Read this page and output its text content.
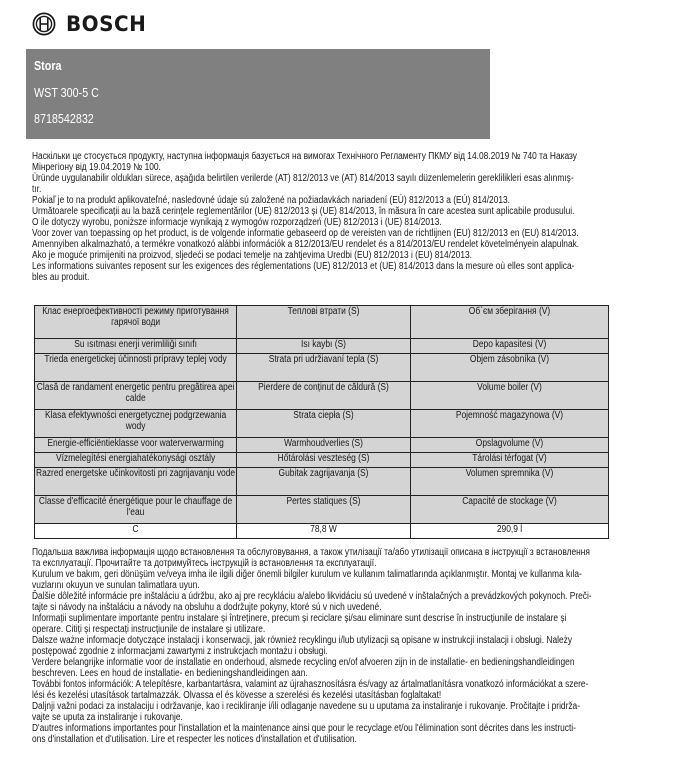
BOSCH
Stora
WST 300-5 C
8718542832

Наскільки це стосується продукту, наступна інформація базується на вимогах Технічного Регламенту ПКМУ від 14.08.2019 № 740 та Наказу

Мінрегіону від 19.04.2019 № 100.

Üründe uygulanabilir oldukları sürece, aşağıda belirtilen verilerde (AT) 812/2013 ve (AT) 814/2013 sayılı düzenlemelerin gereklilikleri esas alınmış-

tır.

Pokiaľ je to na produkt aplikovateľné, nasledovné údaje sú založené na požiadavkách nariadení (EÚ) 812/2013 a (EÚ) 814/2013.

Următoarele specificații au la bază cerințele reglementărilor (UE) 812/2013 și (UE) 814/2013, în măsura în care acestea sunt aplicabile produsului.

O ile dotyczy wyrobu, poniższe informacje wynikają z wymogów rozporządzeń (UE) 812/2013 i (UE) 814/2013.

Voor zover van toepassing op het product, is de volgende informatie gebaseerd op de vereisten van de richtlijnen (EU) 812/2013 en (EU) 814/2013.

Amennyiben alkalmazható, a termékre vonatkozó alábbi információk a 812/2013/EU rendelet és a 814/2013/EU rendelet követelményein alapulnak.

Ako je moguće primijeniti na proizvod, sljedeći se podaci temelje na zahtjevima Uredbi (EU) 812/2013 i (EU) 814/2013.

Les informations suivantes reposent sur les exigences des réglementations (UE) 812/2013 et (UE) 814/2013 dans la mesure où elles sont applica-

bles au produit.

Клас енергоефективності режиму приготування гарячої води	Теплові втрати (S)	Об`єм зберігання (V)

Su ısıtması enerji verimliliği sınıfı	Isı kaybı (S)	Depo kapasitesi (V)

Trieda energetickej účinnosti prípravy teplej vody	Strata pri udržiavaní tepla (S)	Objem zásobníka (V)

Clasă de randament energetic pentru pregătirea apei calde	Pierdere de conținut de căldură (S)	Volume boiler (V)

Klasa efektywności energetycznej podgrzewania wody	Strata ciepła (S)	Pojemność magazynowa (V)

Energie-efficiëntieklasse voor waterverwarming	Warmhoudverlies (S)	Opslagvolume (V)

Vízmelegítési energiahatékonysági osztály	Hőtárolási veszteség (S)	Tárolási térfogat (V)

Razred energetske učinkovitosti pri zagrijavanju vode	Gubitak zagrijavanja (S)	Volumen spremnika (V)

Classe d'efficacité énergétique pour le chauffage de l'eau	Pertes statiques (S)	Capacité de stockage (V)

C	78,8 W	290,9 l

Подальша важлива інформація щодо встановлення та обслуговування, а також утилізації та/або утилізації описана в інструкції з встановлення

та експлуатації. Прочитайте та дотримуйтесь інструкцій із встановлення та експлуатації.

Kurulum ve bakım, geri dönüşüm ve/veya imha ile ilgili diğer önemli bilgiler kurulum ve kullanım talimatlarında açıklanmıştır. Montaj ve kullanma kıla-

vuzlarını okuyun ve sunulan talimatlara uyun.

Ďalšie dôležité informácie pre inštaláciu a údržbu, ako aj pre recykláciu a/alebo likvidáciu sú uvedené v inštalačných a prevádzkových pokynoch. Preči-

tajte si návody na inštaláciu a návody na obsluhu a dodržujte pokyny, ktoré sú v nich uvedené.

Informații suplimentare importante pentru instalare și întreținere, precum și reciclare și/sau eliminare sunt descrise în instrucțiunile de instalare și

operare. Citiți și respectați instrucțiunile de instalare și utilizare.

Dalsze ważne informacje dotyczące instalacji i konserwacji, jak również recyklingu i/lub utylizacji są opisane w instrukcji instalacji i obsługi. Należy

postępować zgodnie z informacjami zawartymi z instrukcjach montażu i obsługi.

Verdere belangrijke informatie voor de installatie en onderhoud, alsmede recycling en/of afvoeren zijn in de installatie- en bedieningshandleidingen

beschreven. Lees en houd de installatie- en bedieningshandleidingen aan.

További fontos információk: A telepítésre, karbantartásra, valamint az újrahasznosításra és/vagy az ártalmatlanításra vonatkozó információkat a szere-

lési és kezelési utasítások tartalmazzák. Olvassa el és kövesse a szerelési és kezelési utasításban foglaltakat!

Daljnji važni podaci za instalaciju i održavanje, kao i recikliranje i/ili odlaganje navedene su u uputama za instaliranje i rukovanje. Pročitajte i pridrža-

vajte se uputa za instaliranje i rukovanje.

D'autres informations importantes pour l'installation et la maintenance ainsi que pour le recyclage et/ou l'élimination sont décrites dans les instructi-

ons d'installation et d'utilisation. Lire et respecter les notices d'installation et d'utilisation.
